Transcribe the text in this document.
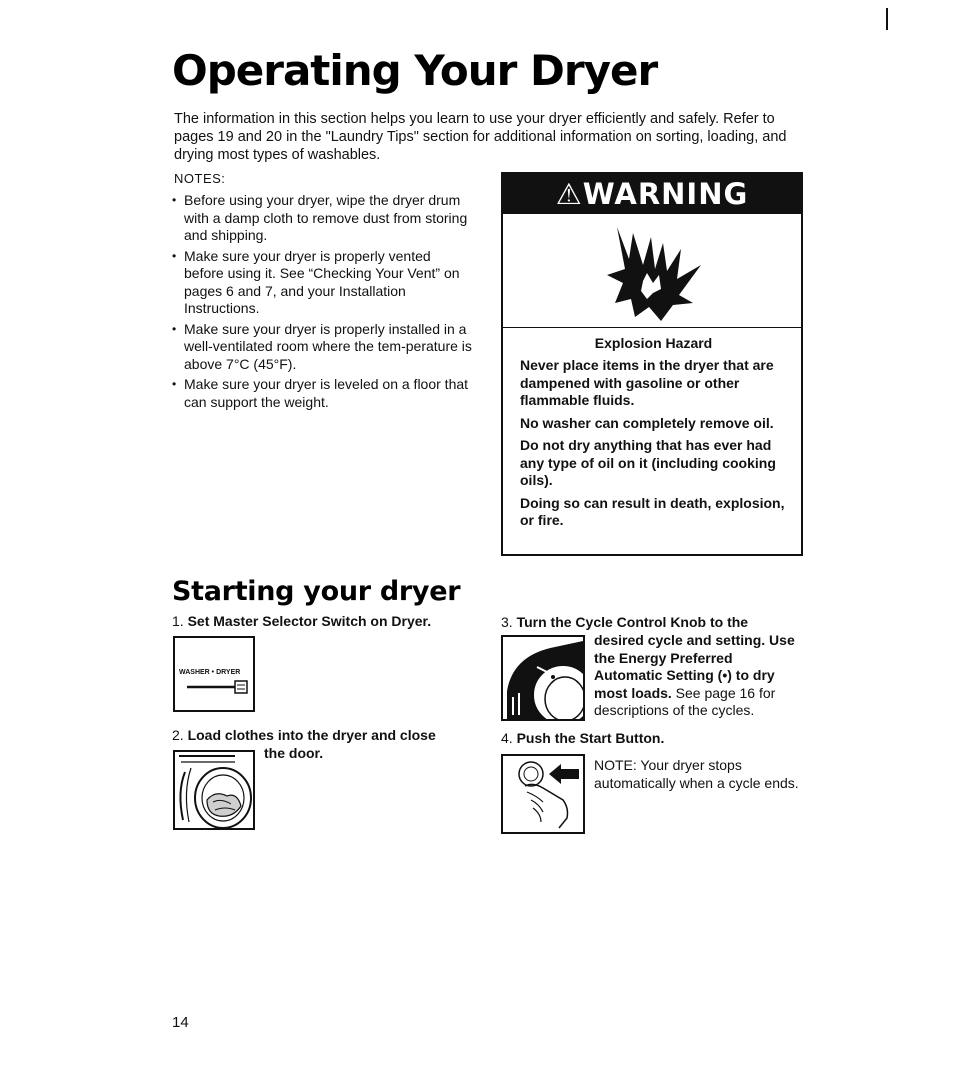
Operating Your Dryer

The information in this section helps you learn to use your dryer efficiently and safely. Refer to pages 19 and 20 in the "Laundry Tips" section for additional information on sorting, loading, and drying most types of washables.

NOTES:
• Before using your dryer, wipe the dryer drum with a damp cloth to remove dust from storing and shipping.
• Make sure your dryer is properly vented before using it. See “Checking Your Vent” on pages 6 and 7, and your Installation Instructions.
• Make sure your dryer is properly installed in a well-ventilated room where the tem-perature is above 7°C (45°F).
• Make sure your dryer is leveled on a floor that can support the weight.
⚠WARNING
Explosion Hazard

Never place items in the dryer that are dampened with gasoline or other flammable fluids.

No washer can completely remove oil.

Do not dry anything that has ever had any type of oil on it (including cooking oils).

Doing so can result in death, explosion, or fire.

Starting your dryer
1. Set Master Selector Switch on Dryer.
WASHER • DRYER
2. Load clothes into the dryer and close
the door.
3. Turn the Cycle Control Knob to the
desired cycle and setting. Use the Energy Preferred Automatic Setting (•) to dry most loads. See page 16 for descriptions of the cycles.
4. Push the Start Button.
NOTE: Your dryer stops automatically when a cycle ends.
14
